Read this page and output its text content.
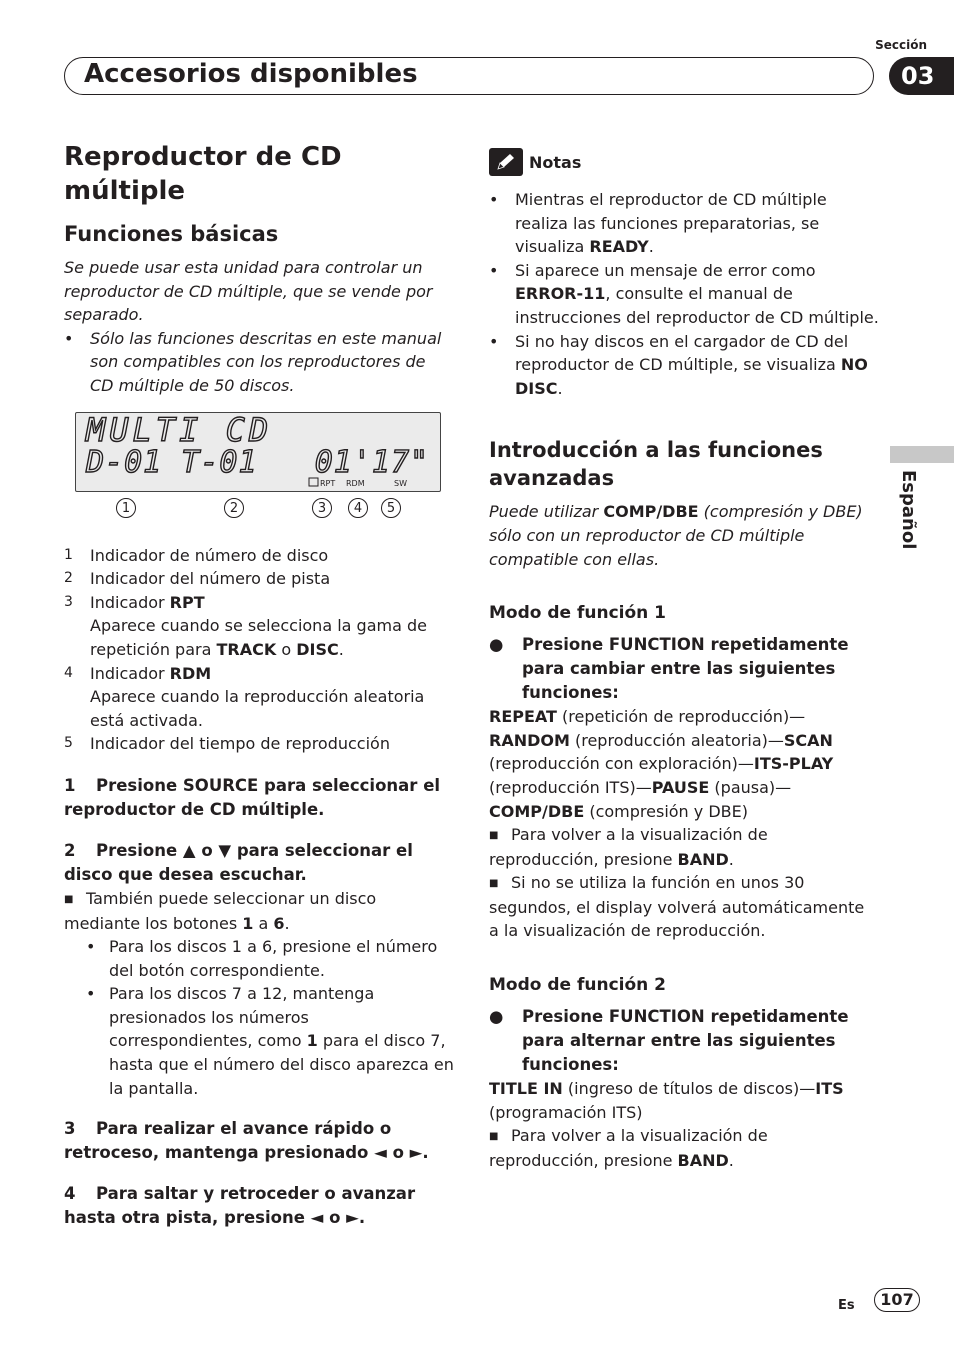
Sección
Accesorios disponibles	03
Español
Reproductor de CD múltiple
Funciones básicas

Se puede usar esta unidad para controlar un reproductor de CD múltiple, que se vende por separado.

•	Sólo las funciones descritas en este manual son compatibles con los reproductores de CD múltiple de 50 discos.
MULTI CD
D-01 T-01   01'17"
RPT RDM	SW
1	2	3	4	5
1	Indicador de número de disco
2	Indicador del número de pista
3	Indicador RPT
Aparece cuando se selecciona la gama de repetición para TRACK o DISC.
4	Indicador RDM
Aparece cuando la reproducción aleatoria está activada.
5	Indicador del tiempo de reproducción

1 Presione SOURCE para seleccionar el reproductor de CD múltiple.

2 Presione ▲ o ▼ para seleccionar el disco que desea escuchar.

■ También puede seleccionar un disco mediante los botones 1 a 6.

• Para los discos 1 a 6, presione el número del botón correspondiente.
• Para los discos 7 a 12, mantenga presionados los números correspondientes, como 1 para el disco 7, hasta que el número del disco aparezca en la pantalla.

3 Para realizar el avance rápido o retroceso, mantenga presionado ◄ o ►.

4 Para saltar y retroceder o avanzar hasta otra pista, presione ◄ o ►.

Notas
•	Mientras el reproductor de CD múltiple realiza las funciones preparatorias, se visualiza READY.
•	Si aparece un mensaje de error como ERROR-11, consulte el manual de instrucciones del reproductor de CD múltiple.
•	Si no hay discos en el cargador de CD del reproductor de CD múltiple, se visualiza NO DISC.
Introducción a las funciones avanzadas

Puede utilizar COMP/DBE (compresión y DBE) sólo con un reproductor de CD múltiple compatible con ellas.

Modo de función 1
●	Presione FUNCTION repetidamente para cambiar entre las siguientes funciones:

REPEAT (repetición de reproducción)—RANDOM (reproducción aleatoria)—SCAN (reproducción con exploración)—ITS-PLAY (reproducción ITS)—PAUSE (pausa)—COMP/DBE (compresión y DBE)

■ Para volver a la visualización de reproducción, presione BAND.

■ Si no se utiliza la función en unos 30 segundos, el display volverá automáticamente a la visualización de reproducción.

Modo de función 2
●	Presione FUNCTION repetidamente para alternar entre las siguientes funciones:

TITLE IN (ingreso de títulos de discos)—ITS (programación ITS)

■ Para volver a la visualización de reproducción, presione BAND.

Es	107
